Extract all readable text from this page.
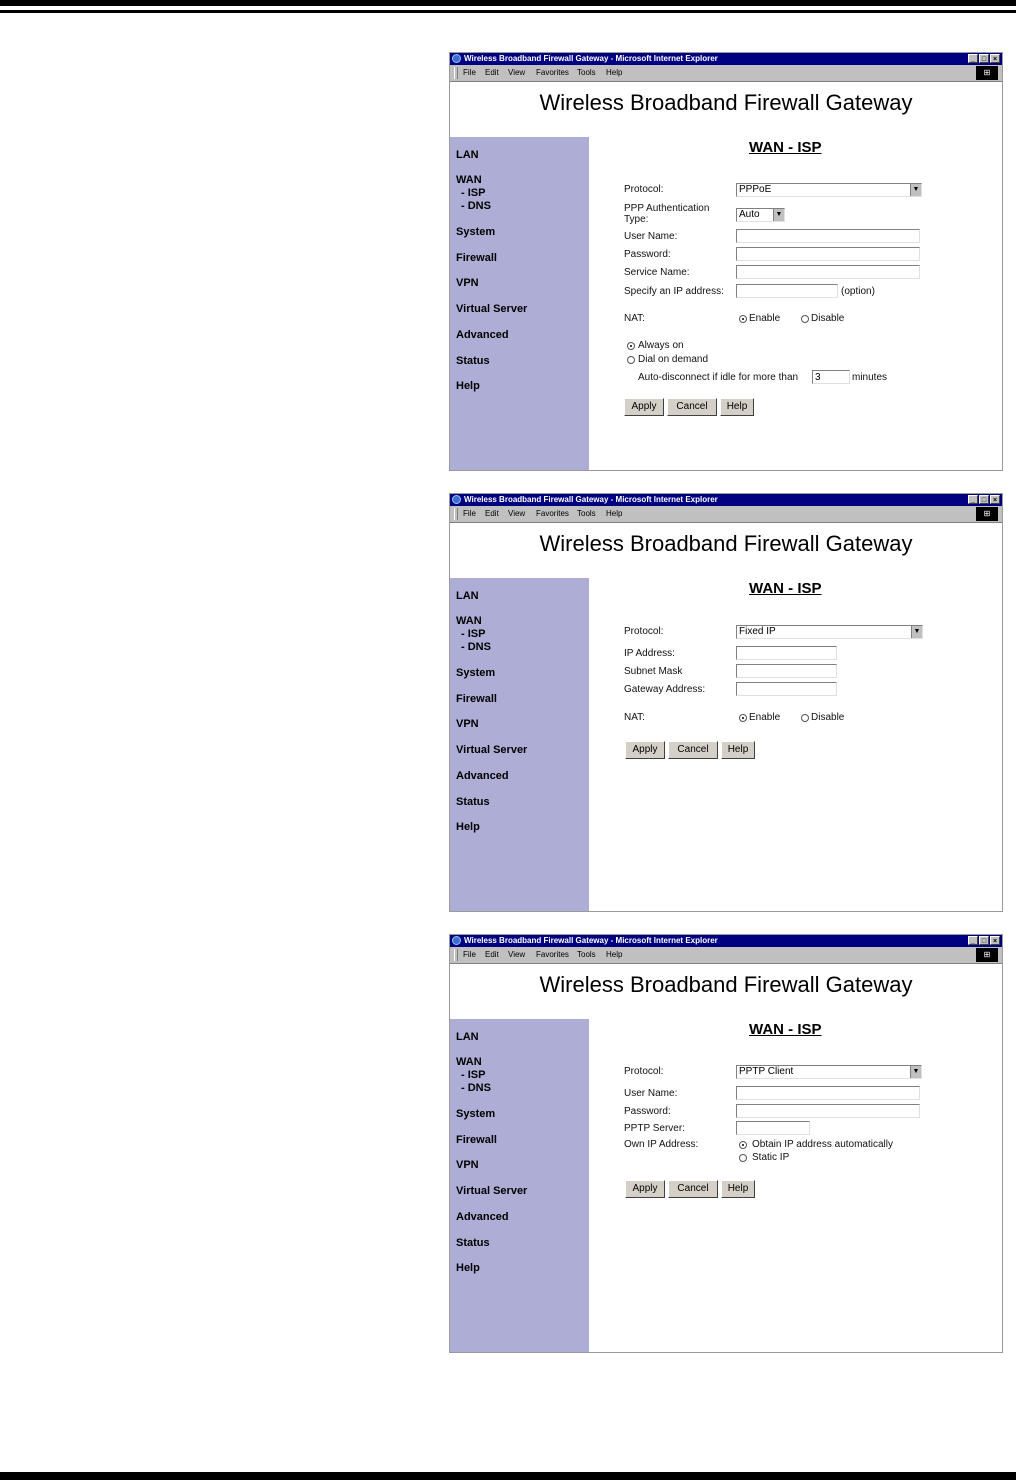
Wireless Broadband Firewall Gateway - Microsoft Internet Explorer	_ □ ×
File Edit View Favorites Tools Help	⊞
Wireless Broadband Firewall Gateway
LAN
WAN
- ISP
- DNS
System
Firewall
VPN
Virtual Server
Advanced
Status
Help
WAN - ISP
Protocol:	PPPoE	▼
PPP Authentication
Type:	Auto	▼
User Name:
Password:
Service Name:
Specify an IP address:	(option)
NAT:	Enable	Disable
Always on
Dial on demand
Auto-disconnect if idle for more than
3	minutes
Apply	Cancel	Help
Wireless Broadband Firewall Gateway - Microsoft Internet Explorer	_ □ ×
File Edit View Favorites Tools Help	⊞
Wireless Broadband Firewall Gateway
LAN
WAN
- ISP
- DNS
System
Firewall
VPN
Virtual Server
Advanced
Status
Help
WAN - ISP
Protocol:	Fixed IP	▼
IP Address:
Subnet Mask
Gateway Address:
NAT:	Enable	Disable
Apply	Cancel	Help
Wireless Broadband Firewall Gateway - Microsoft Internet Explorer	_ □ ×
File Edit View Favorites Tools Help	⊞
Wireless Broadband Firewall Gateway
LAN
WAN
- ISP
- DNS
System
Firewall
VPN
Virtual Server
Advanced
Status
Help
WAN - ISP
Protocol:	PPTP Client	▼
User Name:
Password:
PPTP Server:
Own IP Address:	Obtain IP address automatically
Static IP
Apply	Cancel	Help
